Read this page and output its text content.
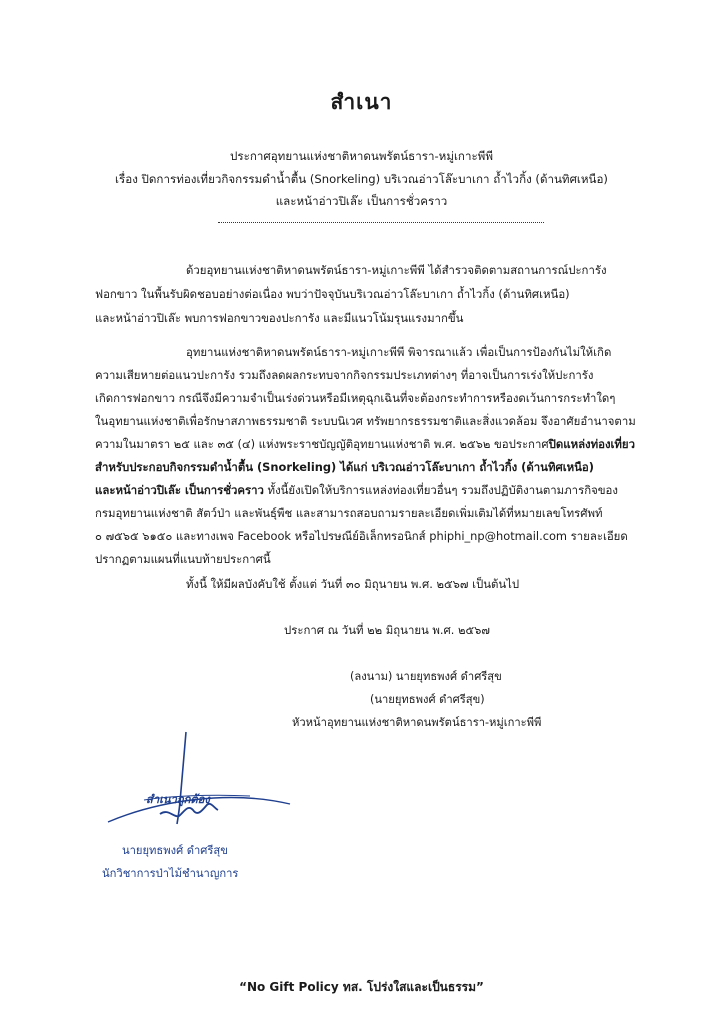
สำเนา
ประกาศอุทยานแห่งชาติหาดนพรัตน์ธารา-หมู่เกาะพีพี
เรื่อง ปิดการท่องเที่ยวกิจกรรมดำน้ำตื้น (Snorkeling) บริเวณอ่าวโล๊ะบาเกา ถ้ำไวกิ้ง (ด้านทิศเหนือ)
และหน้าอ่าวปิเล๊ะ เป็นการชั่วคราว
ด้วยอุทยานแห่งชาติหาดนพรัตน์ธารา-หมู่เกาะพีพี ได้สำรวจติดตามสถานการณ์ปะการัง
ฟอกขาว ในพื้นรับผิดชอบอย่างต่อเนื่อง พบว่าปัจจุบันบริเวณอ่าวโล๊ะบาเกา ถ้ำไวกิ้ง (ด้านทิศเหนือ)
และหน้าอ่าวปิเล๊ะ พบการฟอกขาวของปะการัง และมีแนวโน้มรุนแรงมากขึ้น
อุทยานแห่งชาติหาดนพรัตน์ธารา-หมู่เกาะพีพี พิจารณาแล้ว เพื่อเป็นการป้องกันไม่ให้เกิด
ความเสียหายต่อแนวปะการัง รวมถึงลดผลกระทบจากกิจกรรมประเภทต่างๆ ที่อาจเป็นการเร่งให้ปะการัง
เกิดการฟอกขาว กรณีจึงมีความจำเป็นเร่งด่วนหรือมีเหตุฉุกเฉินที่จะต้องกระทำการหรืองดเว้นการกระทำใดๆ
ในอุทยานแห่งชาติเพื่อรักษาสภาพธรรมชาติ ระบบนิเวศ ทรัพยากรธรรมชาติและสิ่งแวดล้อม จึงอาศัยอำนาจตาม
ความในมาตรา ๒๕ และ ๓๕ (๔) แห่งพระราชบัญญัติอุทยานแห่งชาติ พ.ศ. ๒๕๖๒ ขอประกาศปิดแหล่งท่องเที่ยว
สำหรับประกอบกิจกรรมดำน้ำตื้น (Snorkeling) ได้แก่ บริเวณอ่าวโล๊ะบาเกา ถ้ำไวกิ้ง (ด้านทิศเหนือ)
และหน้าอ่าวปิเล๊ะ เป็นการชั่วคราว ทั้งนี้ยังเปิดให้บริการแหล่งท่องเที่ยวอื่นๆ รวมถึงปฏิบัติงานตามภารกิจของ
กรมอุทยานแห่งชาติ สัตว์ป่า และพันธุ์พืช และสามารถสอบถามรายละเอียดเพิ่มเติมได้ที่หมายเลขโทรศัพท์
๐ ๗๕๖๕ ๖๑๕๐ และทางเพจ Facebook หรือไปรษณีย์อิเล็กทรอนิกส์ phiphi_np@hotmail.com รายละเอียด
ปรากฏตามแผนที่แนบท้ายประกาศนี้
ทั้งนี้ ให้มีผลบังคับใช้ ตั้งแต่ วันที่ ๓๐ มิถุนายน พ.ศ. ๒๕๖๗ เป็นต้นไป
ประกาศ ณ วันที่ ๒๒ มิถุนายน พ.ศ. ๒๕๖๗
(ลงนาม) นายยุทธพงศ์ ดำศรีสุข
(นายยุทธพงศ์ ดำศรีสุข)
หัวหน้าอุทยานแห่งชาติหาดนพรัตน์ธารา-หมู่เกาะพีพี
สำเนาถูกต้อง
นายยุทธพงศ์ ดำศรีสุข
นักวิชาการป่าไม้ชำนาญการ
“No Gift Policy ทส. โปร่งใสและเป็นธรรม”
